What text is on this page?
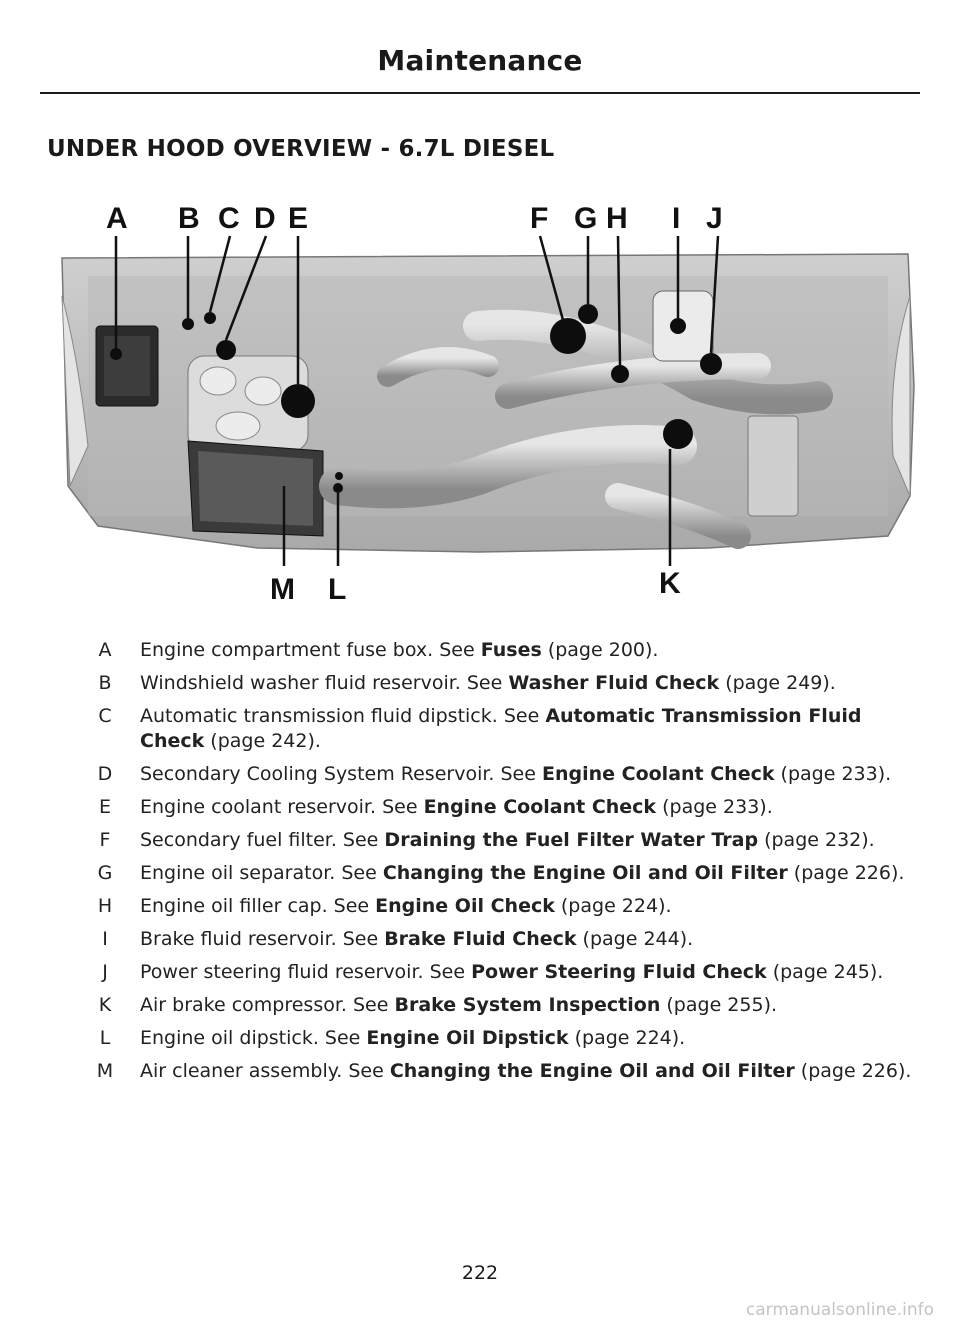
Maintenance
UNDER HOOD OVERVIEW - 6.7L DIESEL
A B C D E	F G H I J
K
L
M
A	Engine compartment fuse box. See Fuses (page 200).
B	Windshield washer fluid reservoir. See Washer Fluid Check (page 249).
C	Automatic transmission fluid dipstick. See Automatic Transmission Fluid Check (page 242).
D	Secondary Cooling System Reservoir. See Engine Coolant Check (page 233).
E	Engine coolant reservoir. See Engine Coolant Check (page 233).
F	Secondary fuel filter. See Draining the Fuel Filter Water Trap (page 232).
G	Engine oil separator. See Changing the Engine Oil and Oil Filter (page 226).
H	Engine oil filler cap. See Engine Oil Check (page 224).
I	Brake fluid reservoir. See Brake Fluid Check (page 244).
J	Power steering fluid reservoir. See Power Steering Fluid Check (page 245).
K	Air brake compressor. See Brake System Inspection (page 255).
L	Engine oil dipstick. See Engine Oil Dipstick (page 224).
M	Air cleaner assembly. See Changing the Engine Oil and Oil Filter (page 226).
222
carmanualsonline.info
